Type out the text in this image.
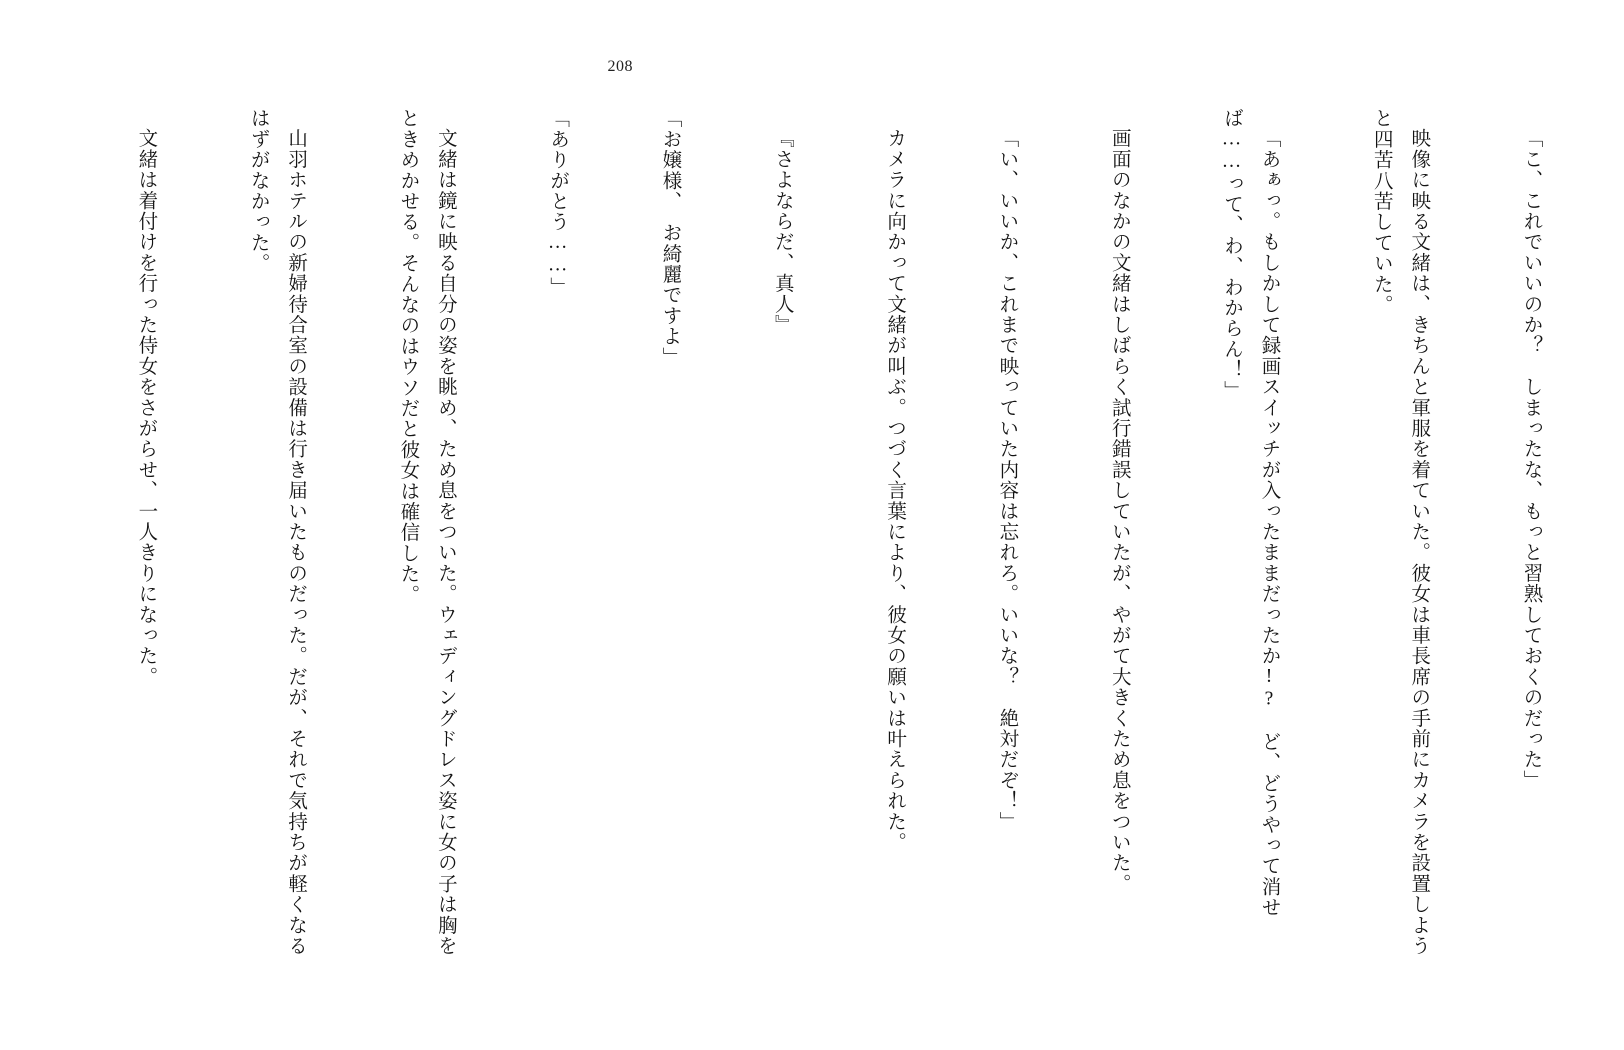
208

「こ、これでいいのか？　しまったな、もっと習熟しておくのだった」

映像に映る文緒は、きちんと軍服を着ていた。彼女は車長席の手前にカメラを設置しようと四苦八苦していた。

「あぁっ。もしかして録画スイッチが入ったままだったか!?　ど、どうやって消せば……って、わ、わからん！」

画面のなかの文緒はしばらく試行錯誤していたが、やがて大きくため息をついた。

「い、いいか、これまで映っていた内容は忘れろ。いいな？　絶対だぞ！」

カメラに向かって文緒が叫ぶ。つづく言葉により、彼女の願いは叶えられた。

『さよならだ、真人』

「お嬢様、　お綺麗ですよ」

「ありがとう……」

文緒は鏡に映る自分の姿を眺め、ため息をついた。ウェディングドレス姿に女の子は胸をときめかせる。そんなのはウソだと彼女は確信した。

山羽ホテルの新婦待合室の設備は行き届いたものだった。だが、それで気持ちが軽くなるはずがなかった。

文緒は着付けを行った侍女をさがらせ、一人きりになった。
